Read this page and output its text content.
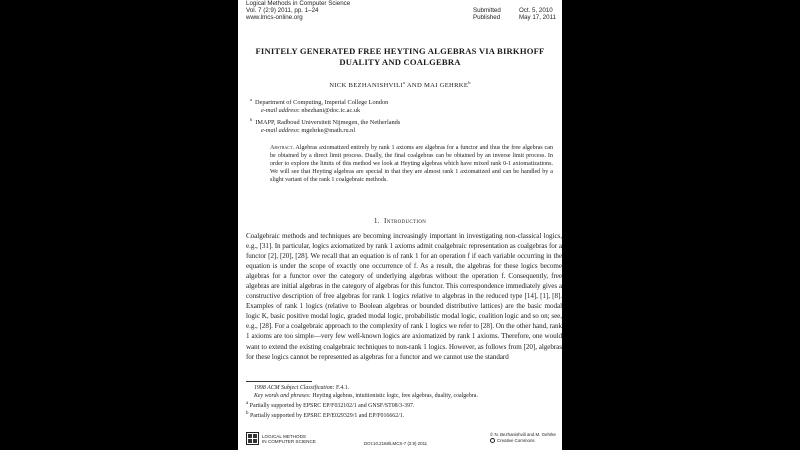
Logical Methods in Computer Science
Vol. 7 (2:9) 2011, pp. 1–24
www.lmcs-online.org
Submitted	Oct. 5, 2010
Published	May 17, 2011
FINITELY GENERATED FREE HEYTING ALGEBRAS VIA BIRKHOFF
DUALITY AND COALGEBRA
NICK BEZHANISHVILI$^a$ AND MAI GEHRKE$^b$
$^a$ Department of Computing, Imperial College London
e-mail address: nbezhani@doc.ic.ac.uk
$^b$ IMAPP, Radboud Universiteit Nijmegen, the Netherlands
e-mail address: mgehrke@math.ru.nl
Abstract. Algebras axiomatized entirely by rank 1 axioms are algebras for a functor and thus the free algebras can be obtained by a direct limit process. Dually, the final coalgebras can be obtained by an inverse limit process. In order to explore the limits of this method we look at Heyting algebras which have mixed rank 0-1 axiomatizations. We will see that Heyting algebras are special in that they are almost rank 1 axiomatized and can be handled by a slight variant of the rank 1 coalgebraic methods.
1. Introduction
Coalgebraic methods and techniques are becoming increasingly important in investigating non-classical logics, e.g., [31]. In particular, logics axiomatized by rank 1 axioms admit coalgebraic representation as coalgebras for a functor [2], [20], [28]. We recall that an equation is of rank 1 for an operation f if each variable occurring in the equation is under the scope of exactly one occurrence of f. As a result, the algebras for these logics become algebras for a functor over the category of underlying algebras without the operation f. Consequently, free algebras are initial algebras in the category of algebras for this functor. This correspondence immediately gives a constructive description of free algebras for rank 1 logics relative to algebras in the reduced type [14], [1], [8]. Examples of rank 1 logics (relative to Boolean algebras or bounded distributive lattices) are the basic modal logic K, basic positive modal logic, graded modal logic, probabilistic modal logic, coalition logic and so on; see, e.g., [28]. For a coalgebraic approach to the complexity of rank 1 logics we refer to [28]. On the other hand, rank 1 axioms are too simple—very few well-known logics are axiomatized by rank 1 axioms. Therefore, one would want to extend the existing coalgebraic techniques to non-rank 1 logics. However, as follows from [20], algebras for these logics cannot be represented as algebras for a functor and we cannot use the standard
1998 ACM Subject Classification: F.4.1.
Key words and phrases: Heyting algebras, intuitionistic logic, free algebras, duality, coalgebra.
$^a$ Partially supported by EPSRC EP/F032102/1 and GNSF/ST08/3-397.
$^b$ Partially supported by EPSRC EP/E029329/1 and EP/F016662/1.
LOGICAL METHODS
IN COMPUTER SCIENCE	DOI:10.2168/LMCS-7 (2:9) 2011
© N. Bezhanishvili and M. Gehrke
Creative Commons
